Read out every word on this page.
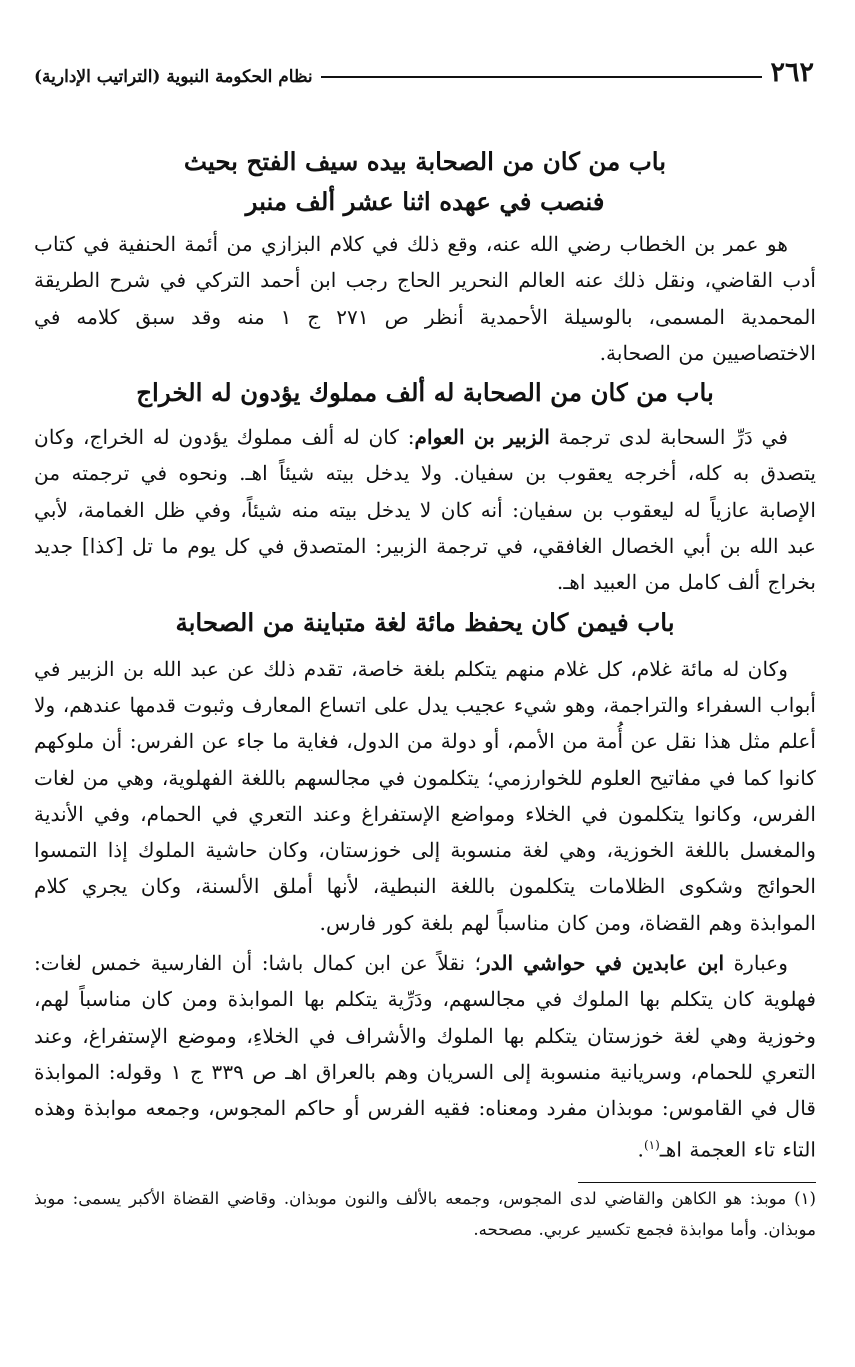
٢٦٢
نظام الحكومة النبوية (التراتيب الإدارية)
باب من كان من الصحابة بيده سيف الفتح بحيث
فنصب في عهده اثنا عشر ألف منبر

هو عمر بن الخطاب رضي الله عنه، وقع ذلك في كلام البزازي من أئمة الحنفية في كتاب أدب القاضي، ونقل ذلك عنه العالم النحرير الحاج رجب ابن أحمد التركي في شرح الطريقة المحمدية المسمى، بالوسيلة الأحمدية أنظر ص ٢٧١ ج ١ منه وقد سبق كلامه في الاختصاصيين من الصحابة.

باب من كان من الصحابة له ألف مملوك يؤدون له الخراج

في دَرِّ السحابة لدى ترجمة الزبير بن العوام: كان له ألف مملوك يؤدون له الخراج، وكان يتصدق به كله، أخرجه يعقوب بن سفيان. ولا يدخل بيته شيئاً اهـ. ونحوه في ترجمته من الإصابة عازياً له ليعقوب بن سفيان: أنه كان لا يدخل بيته منه شيئاً، وفي ظل الغمامة، لأبي عبد الله بن أبي الخصال الغافقي، في ترجمة الزبير: المتصدق في كل يوم ما تل [كذا] جديد بخراج ألف كامل من العبيد اهـ.

باب فيمن كان يحفظ مائة لغة متباينة من الصحابة

وكان له مائة غلام، كل غلام منهم يتكلم بلغة خاصة، تقدم ذلك عن عبد الله بن الزبير في أبواب السفراء والتراجمة، وهو شيء عجيب يدل على اتساع المعارف وثبوت قدمها عندهم، ولا أعلم مثل هذا نقل عن أُمة من الأمم، أو دولة من الدول، فغاية ما جاء عن الفرس: أن ملوكهم كانوا كما في مفاتيح العلوم للخوارزمي؛ يتكلمون في مجالسهم باللغة الفهلوية، وهي من لغات الفرس، وكانوا يتكلمون في الخلاء ومواضع الإستفراغ وعند التعري في الحمام، وفي الأندية والمغسل باللغة الخوزية، وهي لغة منسوبة إلى خوزستان، وكان حاشية الملوك إذا التمسوا الحوائج وشكوى الظلامات يتكلمون باللغة النبطية، لأنها أملق الألسنة، وكان يجري كلام الموابذة وهم القضاة، ومن كان مناسباً لهم بلغة كور فارس.

وعبارة ابن عابدين في حواشي الدر؛ نقلاً عن ابن كمال باشا: أن الفارسية خمس لغات: فهلوية كان يتكلم بها الملوك في مجالسهم، ودَرِّية يتكلم بها الموابذة ومن كان مناسباً لهم، وخوزية وهي لغة خوزستان يتكلم بها الملوك والأشراف في الخلاءِ، وموضع الإستفراغ، وعند التعري للحمام، وسريانية منسوبة إلى السريان وهم بالعراق اهـ ص ٣٣٩ ج ١ وقوله: الموابذة قال في القاموس: موبذان مفرد ومعناه: فقيه الفرس أو حاكم المجوس، وجمعه موابذة وهذه التاء تاء العجمة اهـ$^{(١)}$.

(١) موبذ: هو الكاهن والقاضي لدى المجوس، وجمعه بالألف والنون موبذان. وقاضي القضاة الأكبر يسمى: موبذ موبذان. وأما موابذة فجمع تكسير عربي. مصححه.
